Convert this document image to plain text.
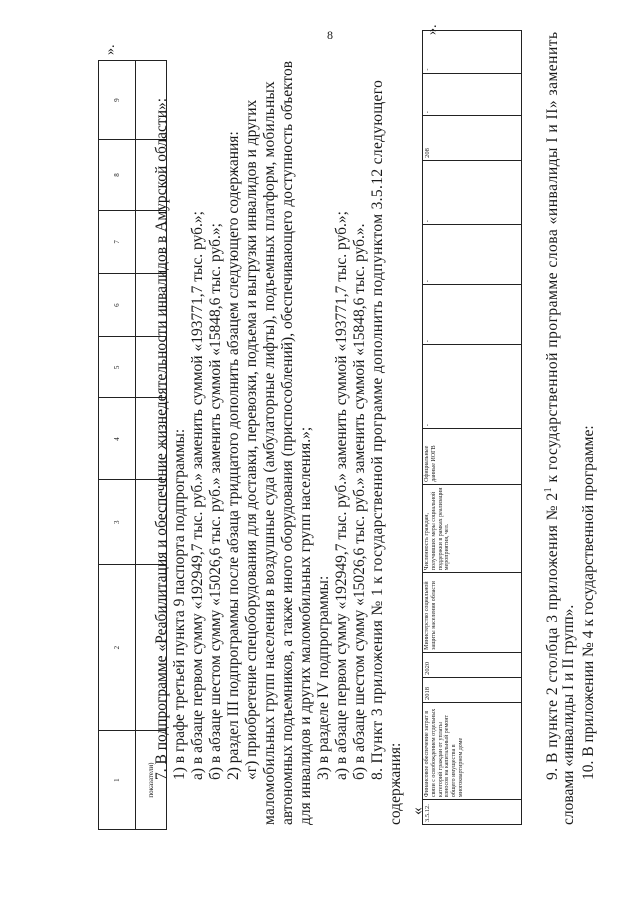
8
1	2	3	4	5	6	7	8	9
показатели)								
».
7. В подпрограмме «Реабилитация и обеспечение жизнедеятельности инвалидов в Амурской области»: 1) в графе третьей пункта 9 паспорта подпрограммы: а) в абзаце первом сумму «192949,7 тыс. руб.» заменить суммой «193771,7 тыс. руб.»; б) в абзаце шестом сумму «15026,6 тыс. руб.» заменить суммой «15848,6 тыс. руб.»; 2) раздел III подпрограммы после абзаца тридцатого дополнить абзацем следующего содержания: «г) приобретение спецоборудования для доставки, перевозки, подъема и выгрузки инвалидов и других маломобильных групп населения в воздушные суда (амбулаторные лифты), подъемных платформ, мобильных автономных подъемников, а также иного оборудования (приспособлений), обеспечивающего доступность объектов для инвалидов и других маломобильных групп населения.»; 3) в разделе IV подпрограммы: а) в абзаце первом сумму «192949,7 тыс. руб.» заменить суммой «193771,7 тыс. руб.»; б) в абзаце шестом сумму «15026,6 тыс. руб.» заменить суммой «15848,6 тыс. руб.». 8. Пункт 3 приложения № 1 к государственной программе дополнить подпунктом 3.5.12 следующего
содержания: «
3.5.12.	Финансовое обеспечение затрат в связи с освобождением отдельных категорий граждан от уплаты взносов на капитальный ремонт общего имущества в многоквартирном доме	2018	2020	Министерство социальной защиты населения области	Численность граждан, получивших меры социальной поддержки в рамках реализации мероприятия, чел.	Официальные данные ИОГВ	-	-	-	-	208	-	-
».
9. В пункте 2 столбца 3 приложения № $2^1$ к государственной программе слова «инвалиды I и II» заменить
словами «инвалиды I и II групп». 10. В приложении № 4 к государственной программе:
